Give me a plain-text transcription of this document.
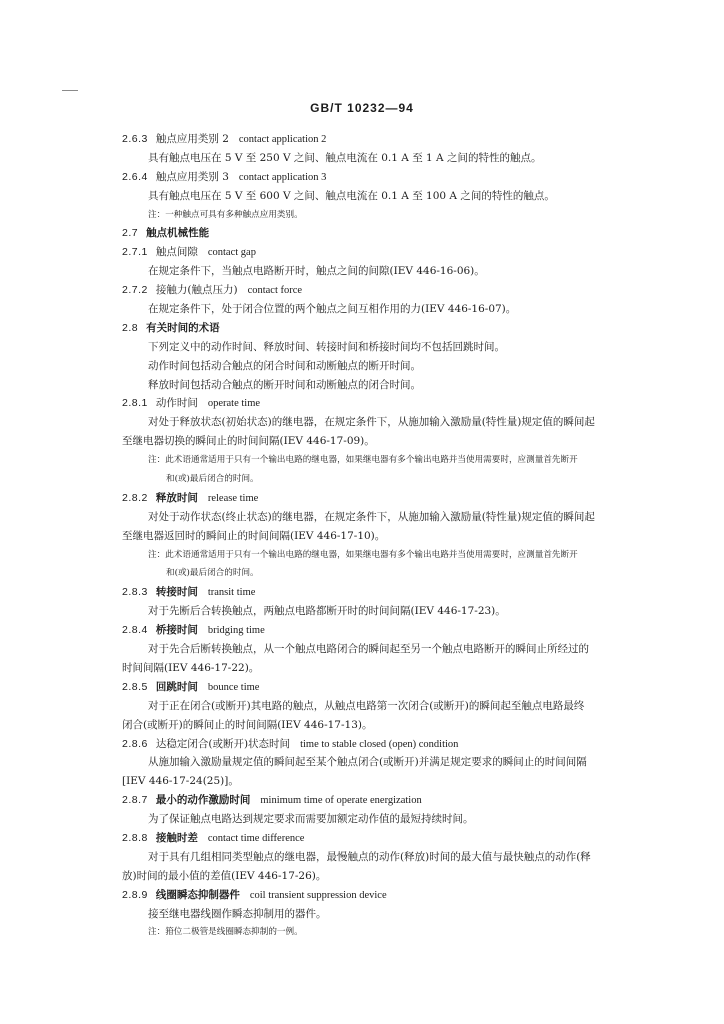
GB/T 10232—94
2.6.3 触点应用类别 2 contact application 2
具有触点电压在 5 V 至 250 V 之间、触点电流在 0.1 A 至 1 A 之间的特性的触点。
2.6.4 触点应用类别 3 contact application 3
具有触点电压在 5 V 至 600 V 之间、触点电流在 0.1 A 至 100 A 之间的特性的触点。
注：一种触点可具有多种触点应用类别。
2.7 触点机械性能
2.7.1 触点间隙 contact gap
在规定条件下，当触点电路断开时，触点之间的间隙(IEV 446-16-06)。
2.7.2 接触力(触点压力) contact force
在规定条件下，处于闭合位置的两个触点之间互相作用的力(IEV 446-16-07)。
2.8 有关时间的术语
下列定义中的动作时间、释放时间、转接时间和桥接时间均不包括回跳时间。
动作时间包括动合触点的闭合时间和动断触点的断开时间。
释放时间包括动合触点的断开时间和动断触点的闭合时间。
2.8.1 动作时间 operate time
对处于释放状态(初始状态)的继电器，在规定条件下，从施加输入激励量(特性量)规定值的瞬间起
至继电器切换的瞬间止的时间间隔(IEV 446-17-09)。
注：此术语通常适用于只有一个输出电路的继电器，如果继电器有多个输出电路并当使用需要时，应测量首先断开
和(或)最后闭合的时间。
2.8.2 释放时间 release time
对处于动作状态(终止状态)的继电器，在规定条件下，从施加输入激励量(特性量)规定值的瞬间起
至继电器返回时的瞬间止的时间间隔(IEV 446-17-10)。
注：此术语通常适用于只有一个输出电路的继电器，如果继电器有多个输出电路并当使用需要时，应测量首先断开
和(或)最后闭合的时间。
2.8.3 转接时间 transit time
对于先断后合转换触点，两触点电路都断开时的时间间隔(IEV 446-17-23)。
2.8.4 桥接时间 bridging time
对于先合后断转换触点，从一个触点电路闭合的瞬间起至另一个触点电路断开的瞬间止所经过的
时间间隔(IEV 446-17-22)。
2.8.5 回跳时间 bounce time
对于正在闭合(或断开)其电路的触点，从触点电路第一次闭合(或断开)的瞬间起至触点电路最终
闭合(或断开)的瞬间止的时间间隔(IEV 446-17-13)。
2.8.6 达稳定闭合(或断开)状态时间 time to stable closed (open) condition
从施加输入激励量规定值的瞬间起至某个触点闭合(或断开)并满足规定要求的瞬间止的时间间隔
[IEV 446-17-24(25)]。
2.8.7 最小的动作激励时间 minimum time of operate energization
为了保证触点电路达到规定要求而需要加额定动作值的最短持续时间。
2.8.8 接触时差 contact time difference
对于具有几组相同类型触点的继电器，最慢触点的动作(释放)时间的最大值与最快触点的动作(释
放)时间的最小值的差值(IEV 446-17-26)。
2.8.9 线圈瞬态抑制器件 coil transient suppression device
接至继电器线圈作瞬态抑制用的器件。
注：箝位二极管是线圈瞬态抑制的一例。
